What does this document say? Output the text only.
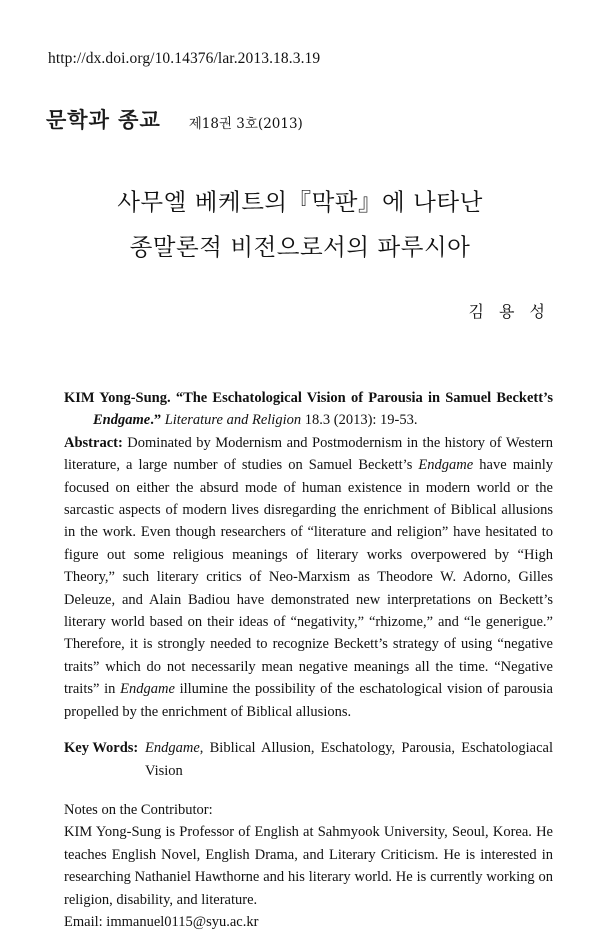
http://dx.doi.org/10.14376/lar.2013.18.3.19
문학과 종교 제18권 3호(2013)
사무엘 베케트의『막판』에 나타난
종말론적 비전으로서의 파루시아
김 용 성
KIM Yong-Sung. “The Eschatological Vision of Parousia in Samuel Beckett’s
Endgame.” Literature and Religion 18.3 (2013): 19-53.
Abstract: Dominated by Modernism and Postmodernism in the history of Western literature, a large number of studies on Samuel Beckett’s Endgame have mainly focused on either the absurd mode of human existence in modern world or the sarcastic aspects of modern lives disregarding the enrichment of Biblical allusions in the work. Even though researchers of “literature and religion” have hesitated to figure out some religious meanings of literary works overpowered by “High Theory,” such literary critics of Neo-Marxism as Theodore W. Adorno, Gilles Deleuze, and Alain Badiou have demonstrated new interpretations on Beckett’s literary world based on their ideas of “negativity,” “rhizome,” and “le generigue.” Therefore, it is strongly needed to recognize Beckett’s strategy of using “negative traits” which do not necessarily mean negative meanings all the time. “Negative traits” in Endgame illumine the possibility of the eschatological vision of parousia propelled by the enrichment of Biblical allusions.
Key Words: Endgame, Biblical Allusion, Eschatology, Parousia, Eschatologiacal Vision
Notes on the Contributor:
KIM Yong-Sung is Professor of English at Sahmyook University, Seoul, Korea. He teaches English Novel, English Drama, and Literary Criticism. He is interested in researching Nathaniel Hawthorne and his literary world. He is currently working on religion, disability, and literature.
Email: immanuel0115@syu.ac.kr
